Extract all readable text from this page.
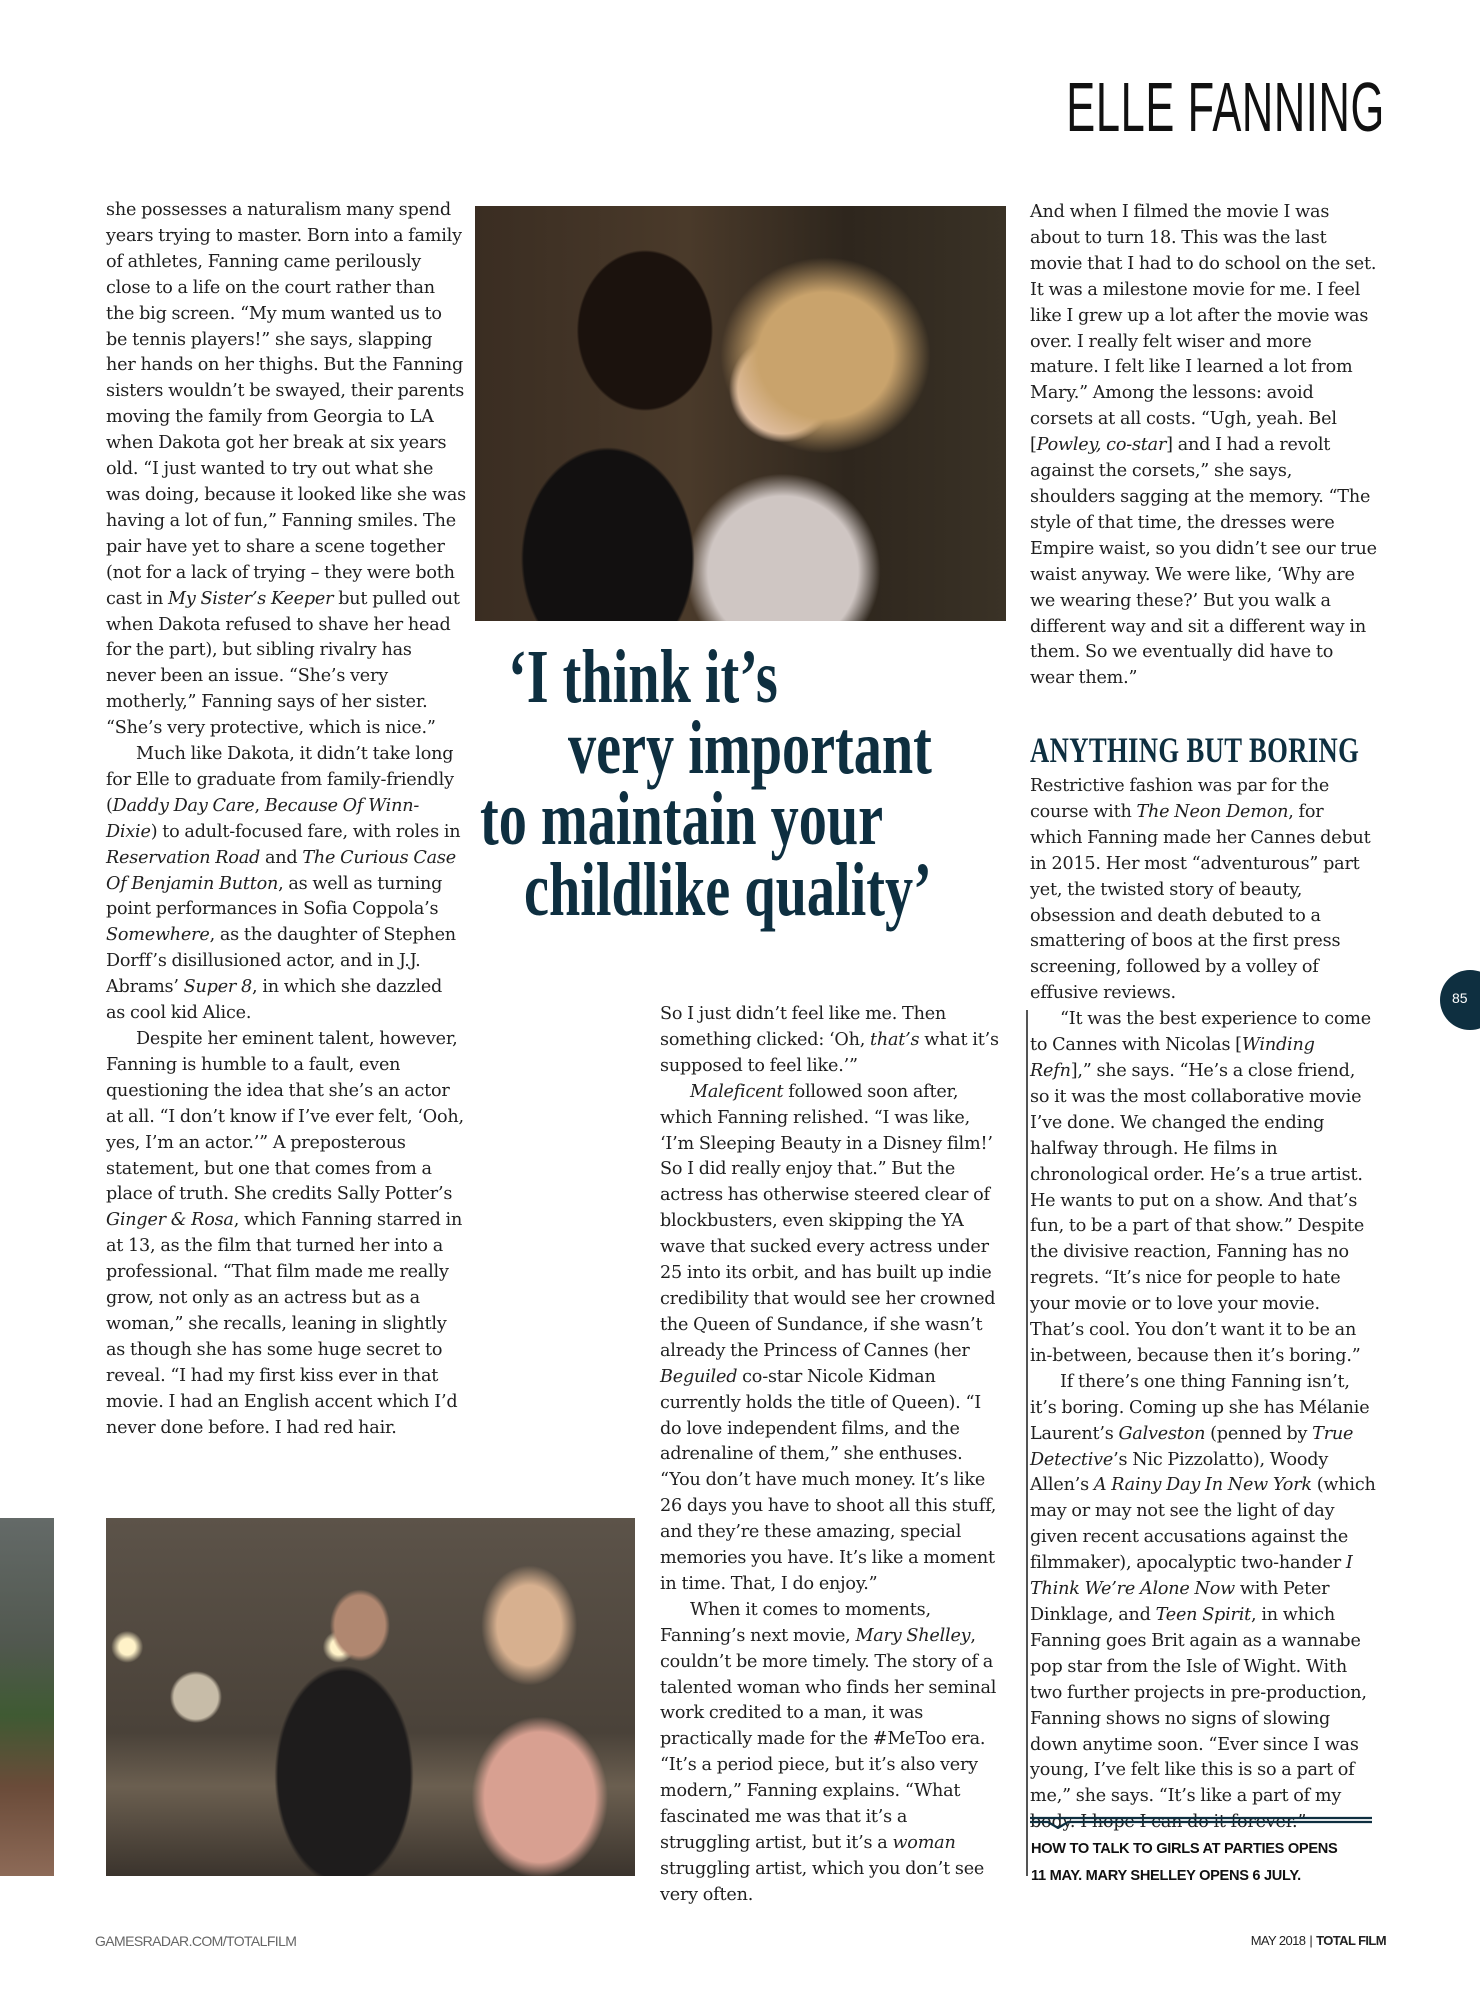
ELLE FANNING

she possesses a naturalism many spend years trying to master. Born into a family of athletes, Fanning came perilously close to a life on the court rather than the big screen. “My mum wanted us to be tennis players!” she says, slapping her hands on her thighs. But the Fanning sisters wouldn’t be swayed, their parents moving the family from Georgia to LA when Dakota got her break at six years old. “I just wanted to try out what she was doing, because it looked like she was having a lot of fun,” Fanning smiles. The pair have yet to share a scene together (not for a lack of trying – they were both cast in My Sister’s Keeper but pulled out when Dakota refused to shave her head for the part), but sibling rivalry has never been an issue. “She’s very motherly,” Fanning says of her sister. “She’s very protective, which is nice.”

Much like Dakota, it didn’t take long for Elle to graduate from family-friendly (Daddy Day Care, Because Of Winn-Dixie) to adult-focused fare, with roles in Reservation Road and The Curious Case Of Benjamin Button, as well as turning point performances in Sofia Coppola’s Somewhere, as the daughter of Stephen Dorff’s disillusioned actor, and in J.J. Abrams’ Super 8, in which she dazzled as cool kid Alice.

Despite her eminent talent, however, Fanning is humble to a fault, even questioning the idea that she’s an actor at all. “I don’t know if I’ve ever felt, ‘Ooh, yes, I’m an actor.’” A preposterous statement, but one that comes from a place of truth. She credits Sally Potter’s Ginger & Rosa, which Fanning starred in at 13, as the film that turned her into a professional. “That film made me really grow, not only as an actress but as a woman,” she recalls, leaning in slightly as though she has some huge secret to reveal. “I had my first kiss ever in that movie. I had an English accent which I’d never done before. I had red hair.

‘I think it’s
very important
to maintain your
childlike quality’

So I just didn’t feel like me. Then something clicked: ‘Oh, that’s what it’s supposed to feel like.’”

Maleficent followed soon after, which Fanning relished. “I was like, ‘I’m Sleeping Beauty in a Disney film!’ So I did really enjoy that.” But the actress has otherwise steered clear of blockbusters, even skipping the YA wave that sucked every actress under 25 into its orbit, and has built up indie credibility that would see her crowned the Queen of Sundance, if she wasn’t already the Princess of Cannes (her Beguiled co-star Nicole Kidman currently holds the title of Queen). “I do love independent films, and the adrenaline of them,” she enthuses. “You don’t have much money. It’s like 26 days you have to shoot all this stuff, and they’re these amazing, special memories you have. It’s like a moment in time. That, I do enjoy.”

When it comes to moments, Fanning’s next movie, Mary Shelley, couldn’t be more timely. The story of a talented woman who finds her seminal work credited to a man, it was practically made for the #MeToo era. “It’s a period piece, but it’s also very modern,” Fanning explains. “What fascinated me was that it’s a struggling artist, but it’s a woman struggling artist, which you don’t see very often.

And when I filmed the movie I was about to turn 18. This was the last movie that I had to do school on the set. It was a milestone movie for me. I feel like I grew up a lot after the movie was over. I really felt wiser and more mature. I felt like I learned a lot from Mary.” Among the lessons: avoid corsets at all costs. “Ugh, yeah. Bel [Powley, co-star] and I had a revolt against the corsets,” she says, shoulders sagging at the memory. “The style of that time, the dresses were Empire waist, so you didn’t see our true waist anyway. We were like, ‘Why are we wearing these?’ But you walk a different way and sit a different way in them. So we eventually did have to wear them.”

ANYTHING BUT BORING

Restrictive fashion was par for the course with The Neon Demon, for which Fanning made her Cannes debut in 2015. Her most “adventurous” part yet, the twisted story of beauty, obsession and death debuted to a smattering of boos at the first press screening, followed by a volley of effusive reviews.

“It was the best experience to come to Cannes with Nicolas [Winding Refn],” she says. “He’s a close friend, so it was the most collaborative movie I’ve done. We changed the ending halfway through. He films in chronological order. He’s a true artist. He wants to put on a show. And that’s fun, to be a part of that show.” Despite the divisive reaction, Fanning has no regrets. “It’s nice for people to hate your movie or to love your movie. That’s cool. You don’t want it to be an in-between, because then it’s boring.”

If there’s one thing Fanning isn’t, it’s boring. Coming up she has Mélanie Laurent’s Galveston (penned by True Detective’s Nic Pizzolatto), Woody Allen’s A Rainy Day In New York (which may or may not see the light of day given recent accusations against the filmmaker), apocalyptic two-hander I Think We’re Alone Now with Peter Dinklage, and Teen Spirit, in which Fanning goes Brit again as a wannabe pop star from the Isle of Wight. With two further projects in pre-production, Fanning shows no signs of slowing down anytime soon. “Ever since I was young, I’ve felt like this is so a part of me,” she says. “It’s like a part of my body. I hope I can do it forever.”

85
HOW TO TALK TO GIRLS AT PARTIES OPENS
11 MAY. MARY SHELLEY OPENS 6 JULY.
GAMESRADAR.COM/TOTALFILM	MAY 2018 | TOTAL FILM
